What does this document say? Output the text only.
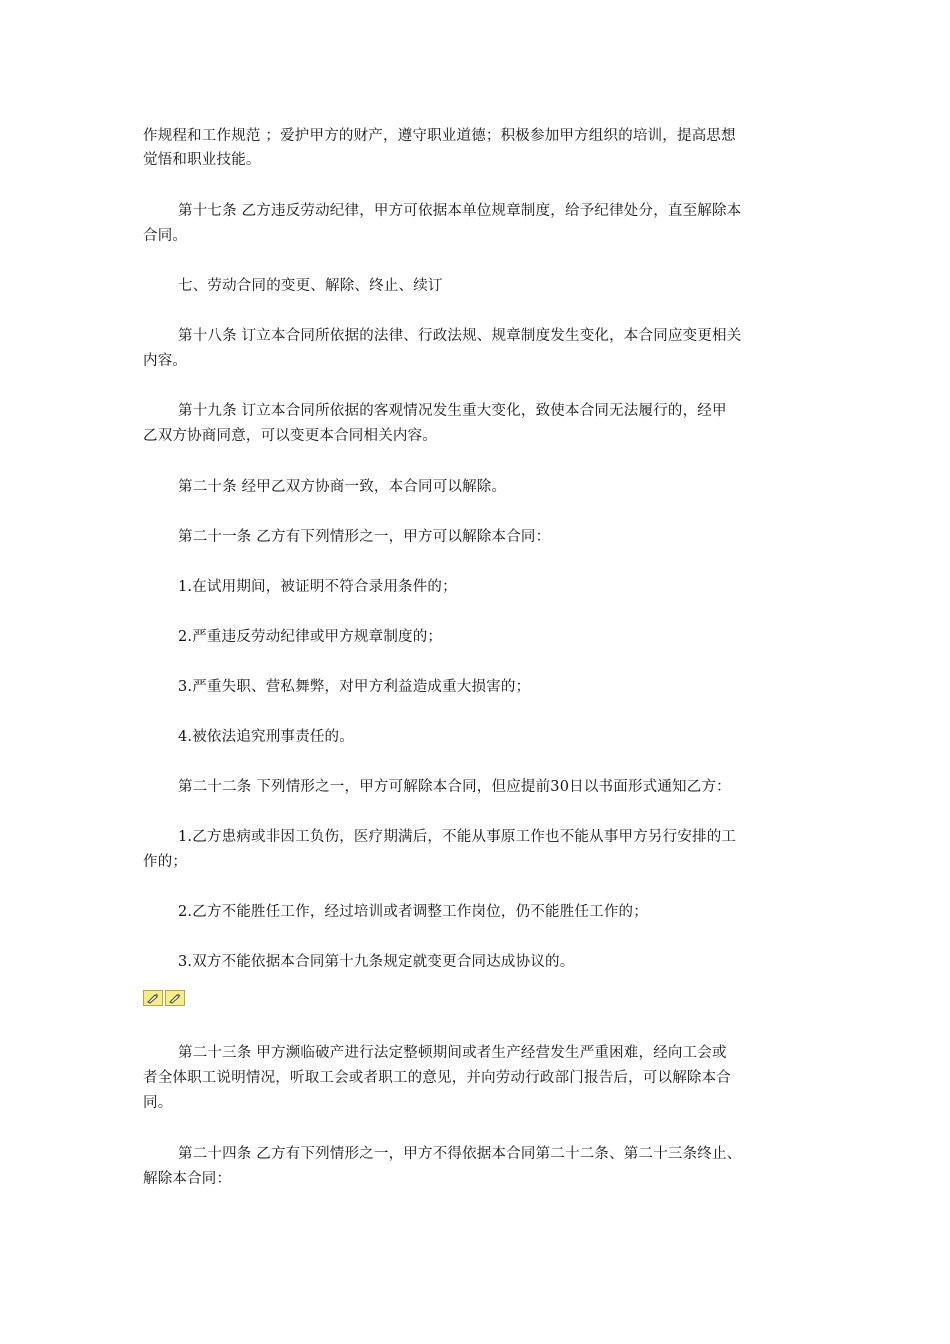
作规程和工作规范 ；爱护甲方的财产，遵守职业道德；积极参加甲方组织的培训，提高思想
觉悟和职业技能。
第十七条 乙方违反劳动纪律，甲方可依据本单位规章制度，给予纪律处分，直至解除本
合同。
七、劳动合同的变更、解除、终止、续订
第十八条 订立本合同所依据的法律、行政法规、规章制度发生变化，本合同应变更相关
内容。
第十九条 订立本合同所依据的客观情况发生重大变化，致使本合同无法履行的，经甲
乙双方协商同意，可以变更本合同相关内容。
第二十条 经甲乙双方协商一致，本合同可以解除。
第二十一条 乙方有下列情形之一，甲方可以解除本合同：
1.在试用期间，被证明不符合录用条件的；
2.严重违反劳动纪律或甲方规章制度的；
3.严重失职、营私舞弊，对甲方利益造成重大损害的；
4.被依法追究刑事责任的。
第二十二条 下列情形之一，甲方可解除本合同，但应提前30日以书面形式通知乙方：
1.乙方患病或非因工负伤，医疗期满后，不能从事原工作也不能从事甲方另行安排的工
作的；
2.乙方不能胜任工作，经过培训或者调整工作岗位，仍不能胜任工作的；
3.双方不能依据本合同第十九条规定就变更合同达成协议的。
第二十三条 甲方濒临破产进行法定整顿期间或者生产经营发生严重困难，经向工会或
者全体职工说明情况，听取工会或者职工的意见，并向劳动行政部门报告后，可以解除本合
同。
第二十四条 乙方有下列情形之一，甲方不得依据本合同第二十二条、第二十三条终止、
解除本合同：
